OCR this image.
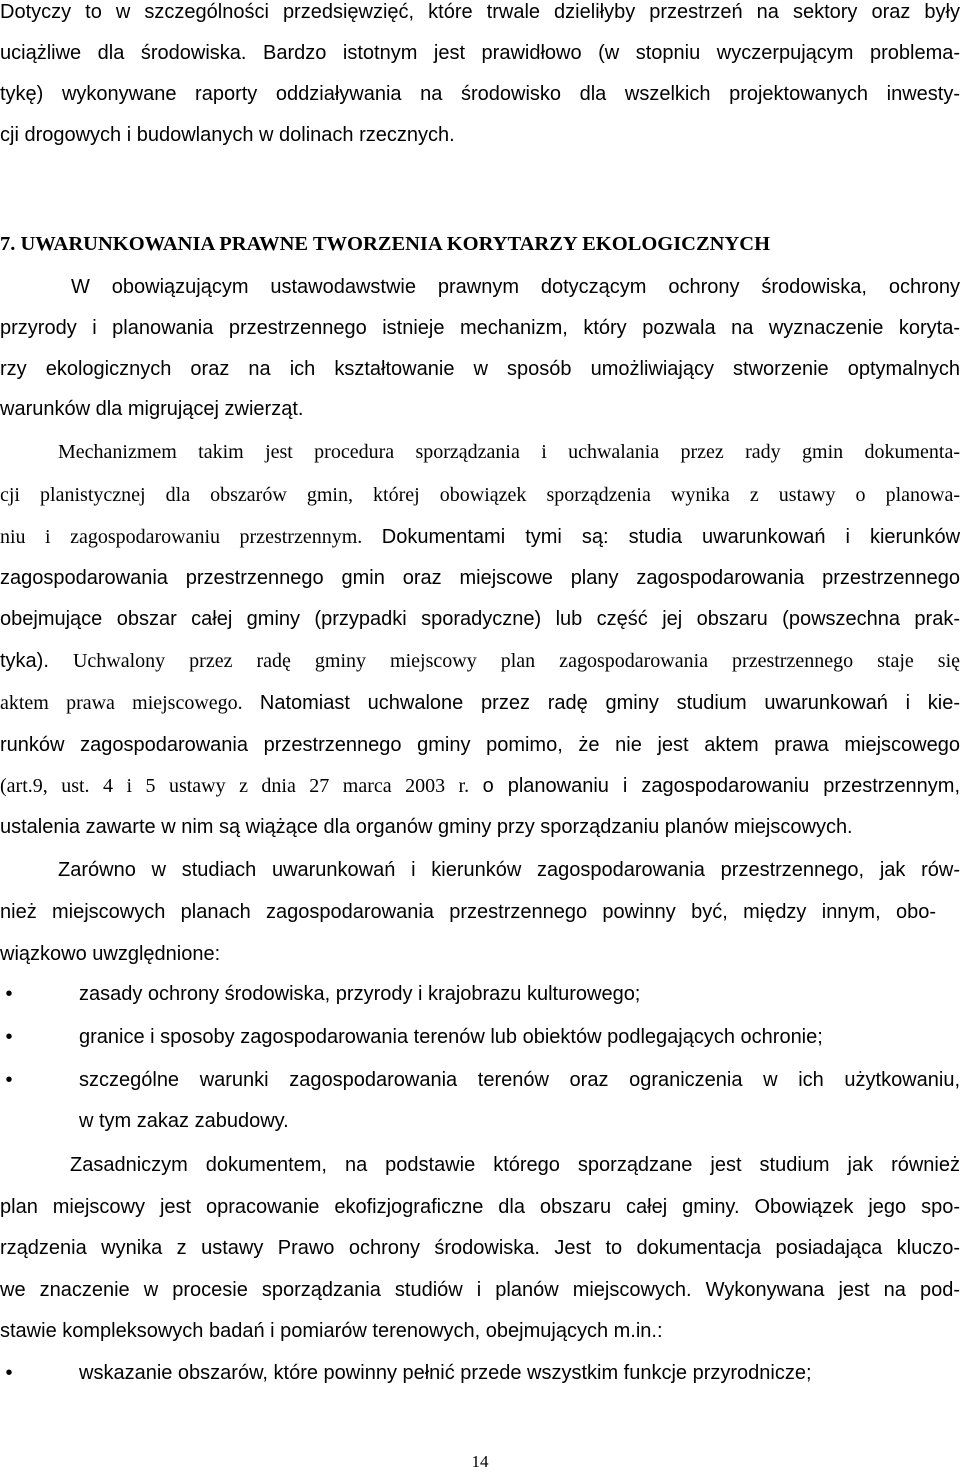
Dotyczy to w szczególności przedsięwzięć, które trwale dzieliłyby przestrzeń na sektory oraz były

uciążliwe dla środowiska. Bardzo istotnym jest prawidłowo (w stopniu wyczerpującym problema-

tykę) wykonywane raporty oddziaływania na środowisko dla wszelkich projektowanych inwesty-

cji drogowych i budowlanych w dolinach rzecznych.

7. UWARUNKOWANIA PRAWNE TWORZENIA KORYTARZY EKOLOGICZNYCH

W obowiązującym ustawodawstwie prawnym dotyczącym ochrony środowiska, ochrony

przyrody i planowania przestrzennego istnieje mechanizm, który pozwala na wyznaczenie koryta-

rzy ekologicznych oraz na ich kształtowanie w sposób umożliwiający stworzenie optymalnych

warunków dla migrującej zwierząt.

Mechanizmem takim jest procedura sporządzania i uchwalania przez rady gmin dokumenta-

cji planistycznej dla obszarów gmin, której obowiązek sporządzenia wynika z ustawy o planowa-

niu i zagospodarowaniu przestrzennym. Dokumentami tymi są: studia uwarunkowań i kierunków

zagospodarowania przestrzennego gmin oraz miejscowe plany zagospodarowania przestrzennego

obejmujące obszar całej gminy (przypadki sporadyczne) lub część jej obszaru (powszechna prak-

tyka). Uchwalony przez radę gminy miejscowy plan zagospodarowania przestrzennego staje się

aktem prawa miejscowego. Natomiast uchwalone przez radę gminy studium uwarunkowań i kie-

runków zagospodarowania przestrzennego gminy pomimo, że nie jest aktem prawa miejscowego

(art.9, ust. 4 i 5 ustawy z dnia 27 marca 2003 r. o planowaniu i zagospodarowaniu przestrzennym,

ustalenia zawarte w nim są wiążące dla organów gminy przy sporządzaniu planów miejscowych.

Zarówno w studiach uwarunkowań i kierunków zagospodarowania przestrzennego, jak rów-

nież miejscowych planach zagospodarowania przestrzennego powinny być, między innym, obo-

wiązkowo uwzględnione:

•	zasady ochrony środowiska, przyrody i krajobrazu kulturowego;
•	granice i sposoby zagospodarowania terenów lub obiektów podlegających ochronie;
•	szczególne warunki zagospodarowania terenów oraz ograniczenia w ich użytkowaniu,

w tym zakaz zabudowy.

Zasadniczym dokumentem, na podstawie którego sporządzane jest studium jak również

plan miejscowy jest opracowanie ekofizjograficzne dla obszaru całej gminy. Obowiązek jego spo-

rządzenia wynika z ustawy Prawo ochrony środowiska. Jest to dokumentacja posiadająca kluczo-

we znaczenie w procesie sporządzania studiów i planów miejscowych. Wykonywana jest na pod-

stawie kompleksowych badań i pomiarów terenowych, obejmujących m.in.:

•	wskazanie obszarów, które powinny pełnić przede wszystkim funkcje przyrodnicze;
14
